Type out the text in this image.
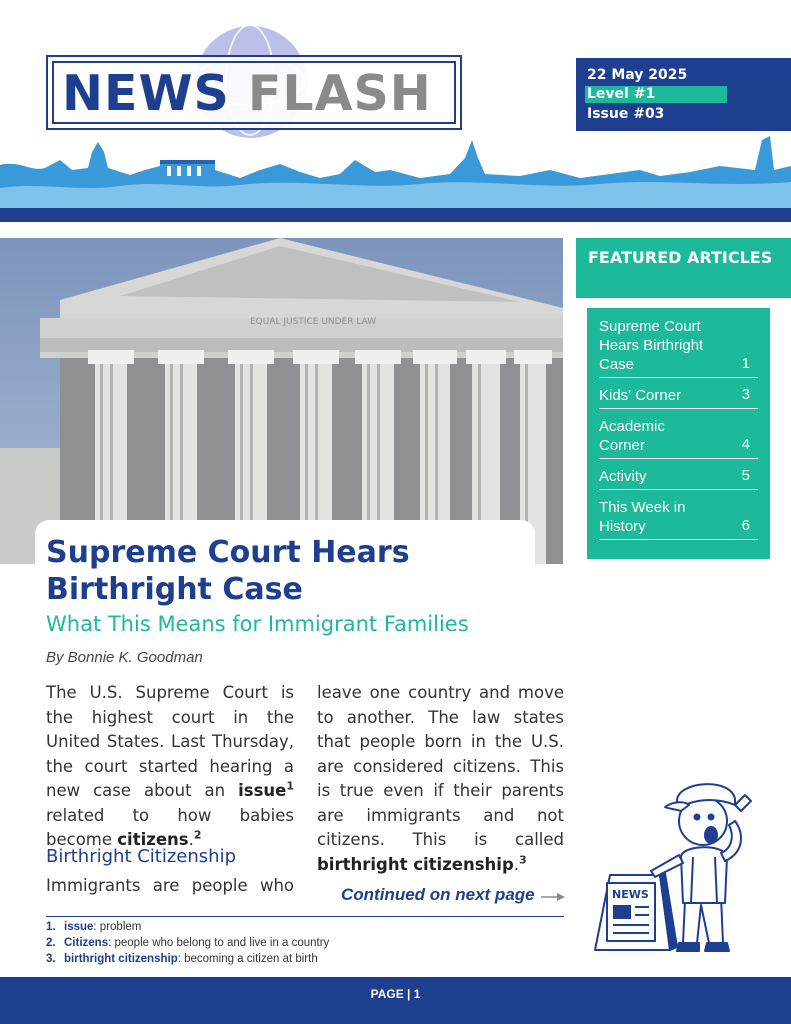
NEWS FLASH	22 May 2025
Level #1
Issue #03
EQUAL JUSTICE UNDER LAW
FEATURED ARTICLES
Supreme Court Hears Birthright Case	1
Kids' Corner	3
Academic Corner	4
Activity	5
This Week in History	6
Supreme Court Hears Birthright Case
What This Means for Immigrant Families
By Bonnie K. Goodman
The U.S. Supreme Court is the highest court in the United States. Last Thursday, the court started hearing a new case about an issue$^1$ related to how babies become citizens.$^2$
Birthright Citizenship
Immigrants are people who
leave one country and move to another. The law states that people born in the U.S. are considered citizens. This is true even if their parents are immigrants and not citizens. This is called birthright citizenship.$^3$
Continued on next page
1. issue: problem
2. Citizens: people who belong to and live in a country
3. birthright citizenship: becoming a citizen at birth
NEWS
PAGE | 1
